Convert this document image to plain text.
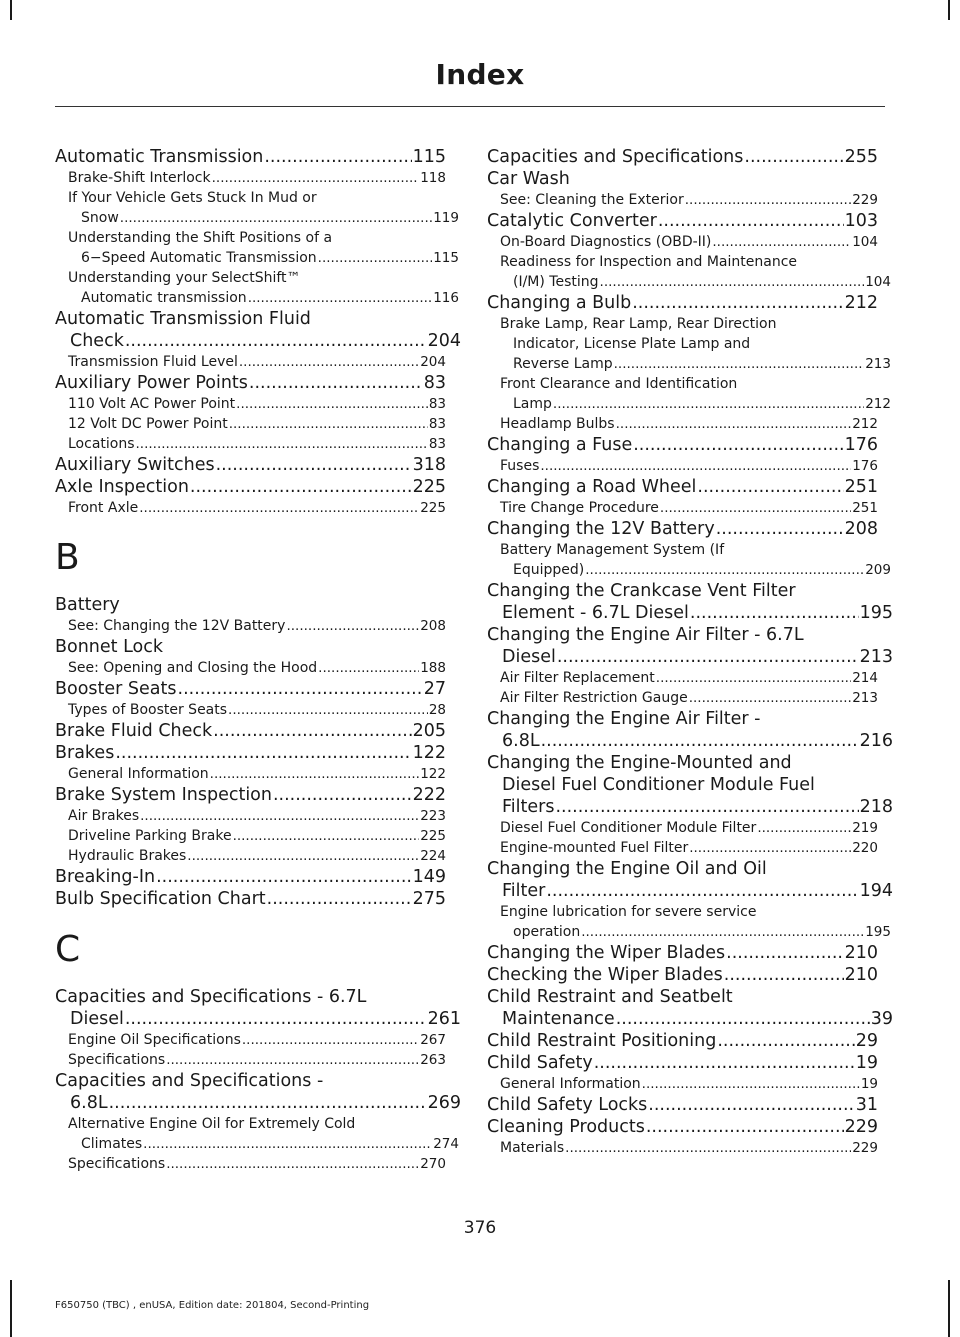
Index
Automatic Transmission .....	115
Brake-Shift Interlock .....	118
If Your Vehicle Gets Stuck In Mud or
Snow .....	119
Understanding the Shift Positions of a
6−Speed Automatic Transmission .....	115
Understanding your SelectShift™
Automatic transmission .....	116
Automatic Transmission Fluid
Check .....	204
Transmission Fluid Level .....	204
Auxiliary Power Points .....	83
110 Volt AC Power Point .....	83
12 Volt DC Power Point .....	83
Locations .....	83
Auxiliary Switches .....	318
Axle Inspection .....	225
Front Axle .....	225
B
Battery
See: Changing the 12V Battery .....	208
Bonnet Lock
See: Opening and Closing the Hood .....	188
Booster Seats .....	27
Types of Booster Seats .....	28
Brake Fluid Check .....	205
Brakes .....	122
General Information .....	122
Brake System Inspection .....	222
Air Brakes .....	223
Driveline Parking Brake .....	225
Hydraulic Brakes .....	224
Breaking-In .....	149
Bulb Specification Chart .....	275
C
Capacities and Specifications - 6.7L
Diesel .....	261
Engine Oil Specifications .....	267
Specifications .....	263
Capacities and Specifications -
6.8L .....	269
Alternative Engine Oil for Extremely Cold
Climates .....	274
Specifications .....	270
Capacities and Specifications .....	255
Car Wash
See: Cleaning the Exterior .....	229
Catalytic Converter .....	103
On-Board Diagnostics (OBD-II) .....	104
Readiness for Inspection and Maintenance
(I/M) Testing .....	104
Changing a Bulb .....	212
Brake Lamp, Rear Lamp, Rear Direction
Indicator, License Plate Lamp and
Reverse Lamp .....	213
Front Clearance and Identification
Lamp .....	212
Headlamp Bulbs .....	212
Changing a Fuse .....	176
Fuses .....	176
Changing a Road Wheel .....	251
Tire Change Procedure .....	251
Changing the 12V Battery .....	208
Battery Management System (If
Equipped) .....	209
Changing the Crankcase Vent Filter
Element - 6.7L Diesel .....	195
Changing the Engine Air Filter - 6.7L
Diesel .....	213
Air Filter Replacement .....	214
Air Filter Restriction Gauge .....	213
Changing the Engine Air Filter -
6.8L .....	216
Changing the Engine-Mounted and
Diesel Fuel Conditioner Module Fuel
Filters .....	218
Diesel Fuel Conditioner Module Filter .....	219
Engine-mounted Fuel Filter .....	220
Changing the Engine Oil and Oil
Filter .....	194
Engine lubrication for severe service
operation .....	195
Changing the Wiper Blades .....	210
Checking the Wiper Blades .....	210
Child Restraint and Seatbelt
Maintenance .....	39
Child Restraint Positioning .....	29
Child Safety .....	19
General Information .....	19
Child Safety Locks .....	31
Cleaning Products .....	229
Materials .....	229
376
F650750 (TBC) , enUSA, Edition date: 201804, Second-Printing
